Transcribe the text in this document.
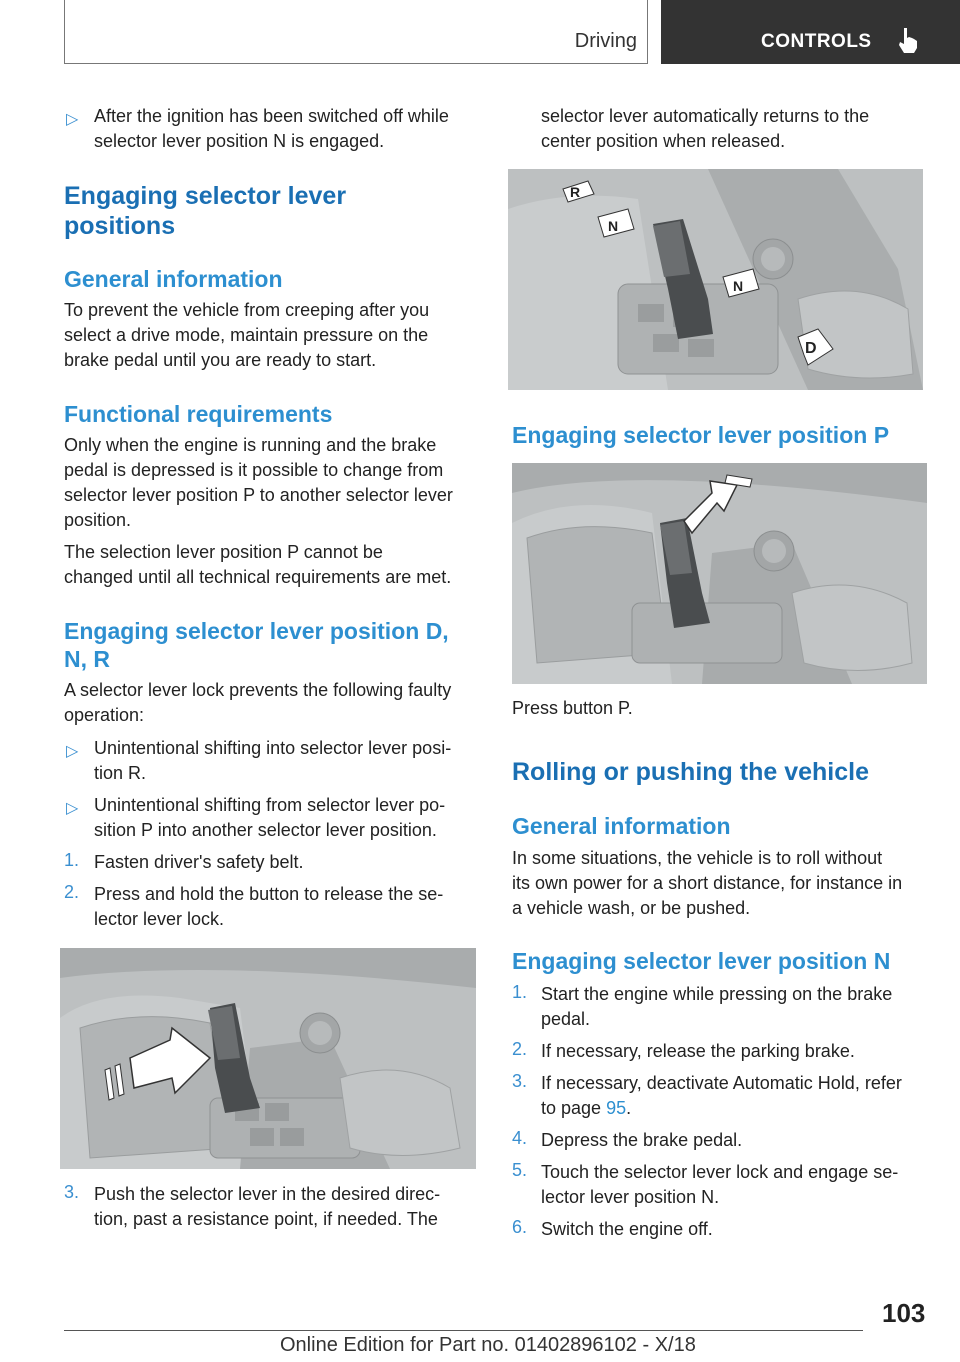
Driving	CONTROLS
▷ After the ignition has been switched off while selector lever position N is engaged.
Engaging selector lever
positions
General information
To prevent the vehicle from creeping after you
select a drive mode, maintain pressure on the
brake pedal until you are ready to start.
Functional requirements
Only when the engine is running and the brake
pedal is depressed is it possible to change from
selector lever position P to another selector lever
position.
The selection lever position P cannot be
changed until all technical requirements are met.
Engaging selector lever position D,
N, R
A selector lever lock prevents the following faulty
operation:
▷ Unintentional shifting into selector lever posi-
tion R.
▷ Unintentional shifting from selector lever po-
sition P into another selector lever position.
1. Fasten driver's safety belt.
2. Press and hold the button to release the se-
lector lever lock.
3. Push the selector lever in the desired direc-
tion, past a resistance point, if needed. The
selector lever automatically returns to the
center position when released.
R
N
N
D
Engaging selector lever position P
Press button P.
Rolling or pushing the vehicle
General information
In some situations, the vehicle is to roll without
its own power for a short distance, for instance in
a vehicle wash, or be pushed.
Engaging selector lever position N
1. Start the engine while pressing on the brake
pedal.
2. If necessary, release the parking brake.
3. If necessary, deactivate Automatic Hold, refer
to page 95.
4. Depress the brake pedal.
5. Touch the selector lever lock and engage se-
lector lever position N.
6. Switch the engine off.
103
Online Edition for Part no. 01402896102 - X/18
